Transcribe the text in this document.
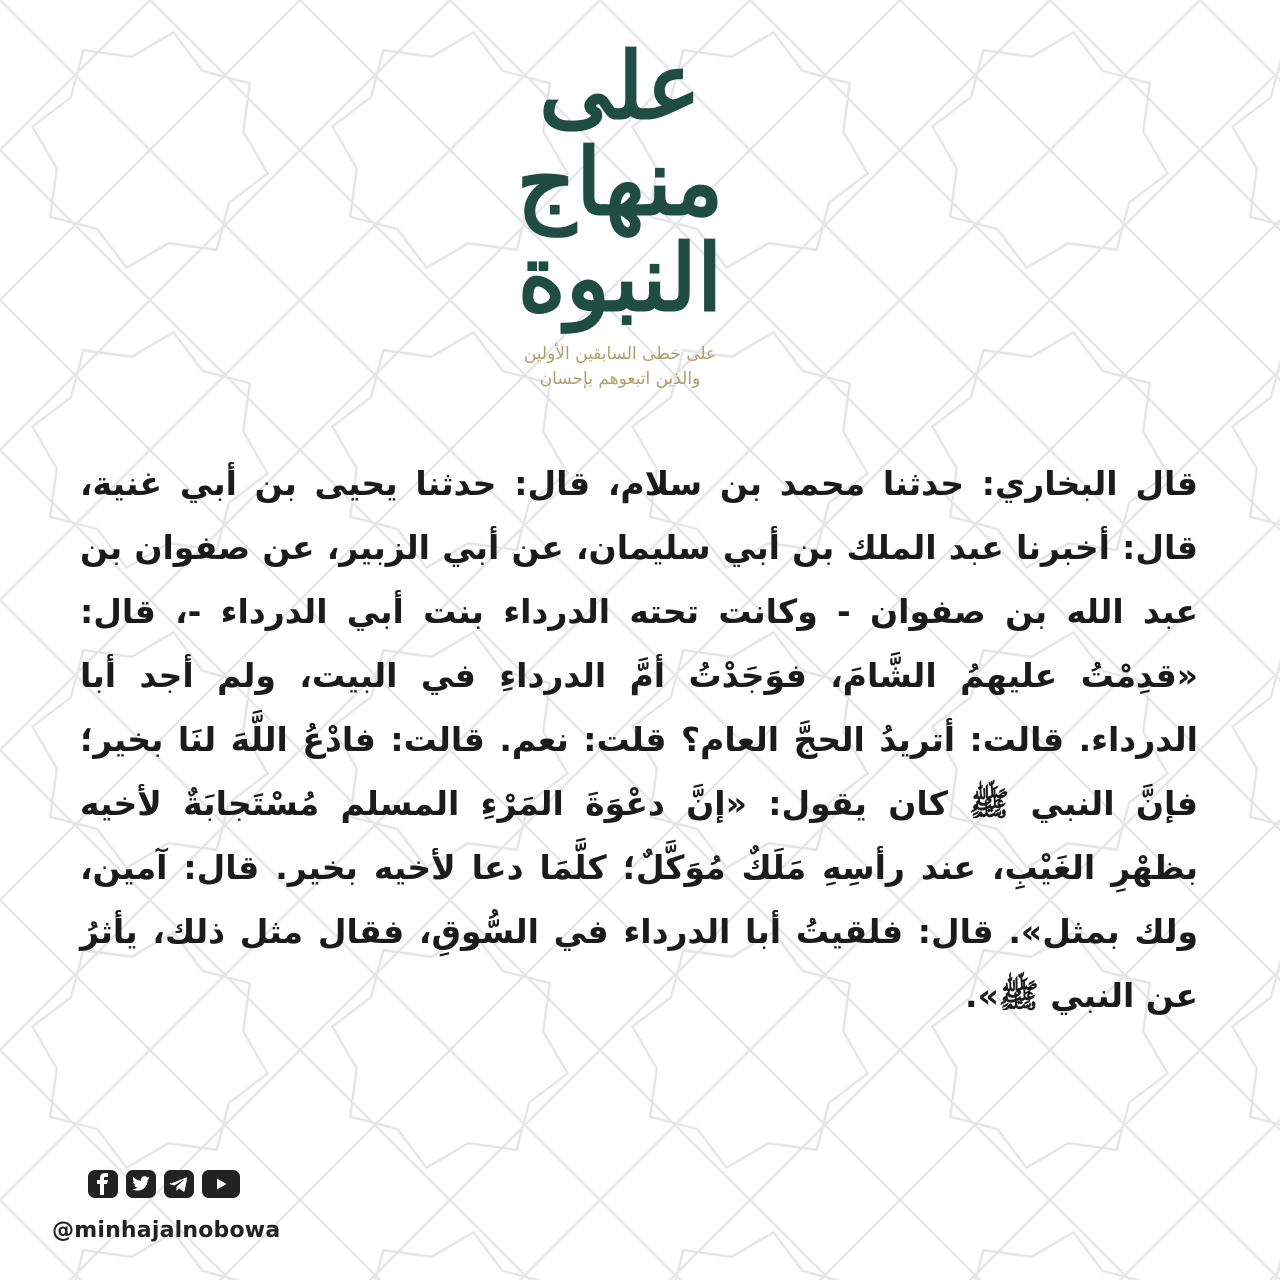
على
منهاج
النبوة
على خطى السابقين الأولين
والذين اتبعوهم بإحسان
قال البخاري: حدثنا محمد بن سلام، قال: حدثنا يحيى بن أبي غنية، قال: أخبرنا عبد الملك بن أبي سليمان، عن أبي الزبير، عن صفوان بن عبد الله بن صفوان - وكانت تحته الدرداء بنت أبي الدرداء -، قال: «قدِمْتُ عليهمُ الشَّامَ، فوَجَدْتُ أمَّ الدرداءِ في البيت، ولم أجد أبا الدرداء. قالت: أتريدُ الحجَّ العام؟ قلت: نعم. قالت: فادْعُ اللَّهَ لنَا بخير؛ فإنَّ النبي ﷺ كان يقول: «إنَّ دعْوَةَ المَرْءِ المسلم مُسْتَجابَةٌ لأخيه بظهْرِ الغَيْبِ، عند رأسِهِ مَلَكٌ مُوَكَّلٌ؛ كلَّمَا دعا لأخيه بخير. قال: آمين، ولك بمثل». قال: فلقيتُ أبا الدرداء في السُّوقِ، فقال مثل ذلك، يأثرُ عن النبي ﷺ».
@minhajalnobowa
